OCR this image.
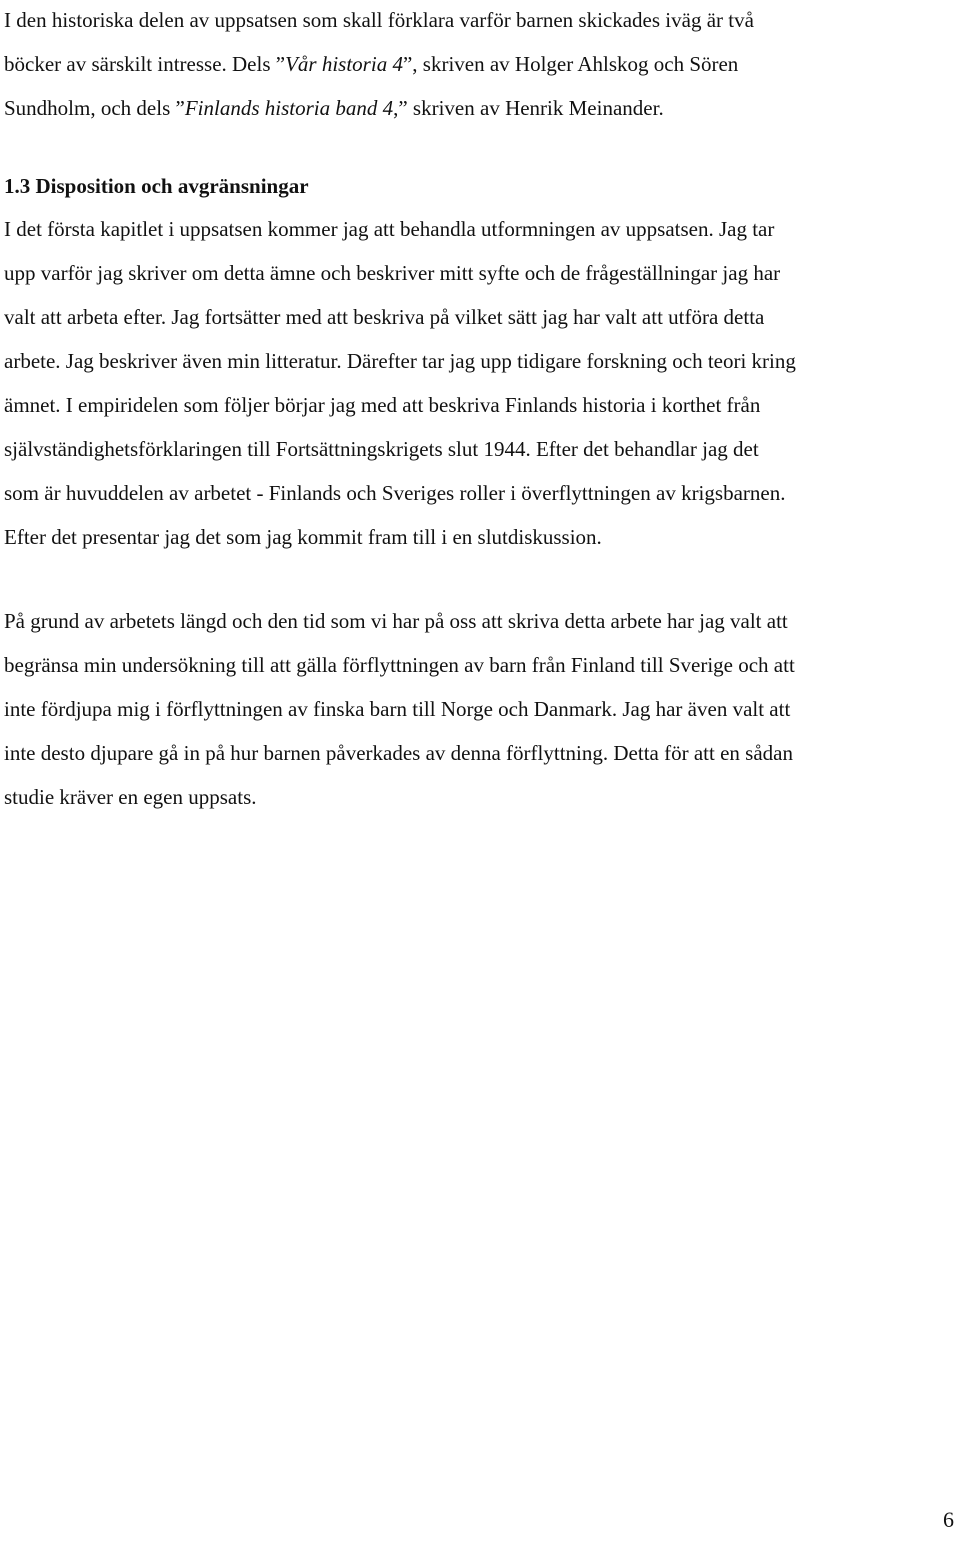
I den historiska delen av uppsatsen som skall förklara varför barnen skickades iväg är två
böcker av särskilt intresse. Dels ”Vår historia 4”, skriven av Holger Ahlskog och Sören
Sundholm, och dels ”Finlands historia band 4,” skriven av Henrik Meinander.

1.3 Disposition och avgränsningar

I det första kapitlet i uppsatsen kommer jag att behandla utformningen av uppsatsen. Jag tar
upp varför jag skriver om detta ämne och beskriver mitt syfte och de frågeställningar jag har
valt att arbeta efter. Jag fortsätter med att beskriva på vilket sätt jag har valt att utföra detta
arbete. Jag beskriver även min litteratur. Därefter tar jag upp tidigare forskning och teori kring
ämnet. I empiridelen som följer börjar jag med att beskriva Finlands historia i korthet från
självständighetsförklaringen till Fortsättningskrigets slut 1944. Efter det behandlar jag det
som är huvuddelen av arbetet - Finlands och Sveriges roller i överflyttningen av krigsbarnen.
Efter det presentar jag det som jag kommit fram till i en slutdiskussion.

På grund av arbetets längd och den tid som vi har på oss att skriva detta arbete har jag valt att
begränsa min undersökning till att gälla förflyttningen av barn från Finland till Sverige och att
inte fördjupa mig i förflyttningen av finska barn till Norge och Danmark. Jag har även valt att
inte desto djupare gå in på hur barnen påverkades av denna förflyttning. Detta för att en sådan
studie kräver en egen uppsats.

6
